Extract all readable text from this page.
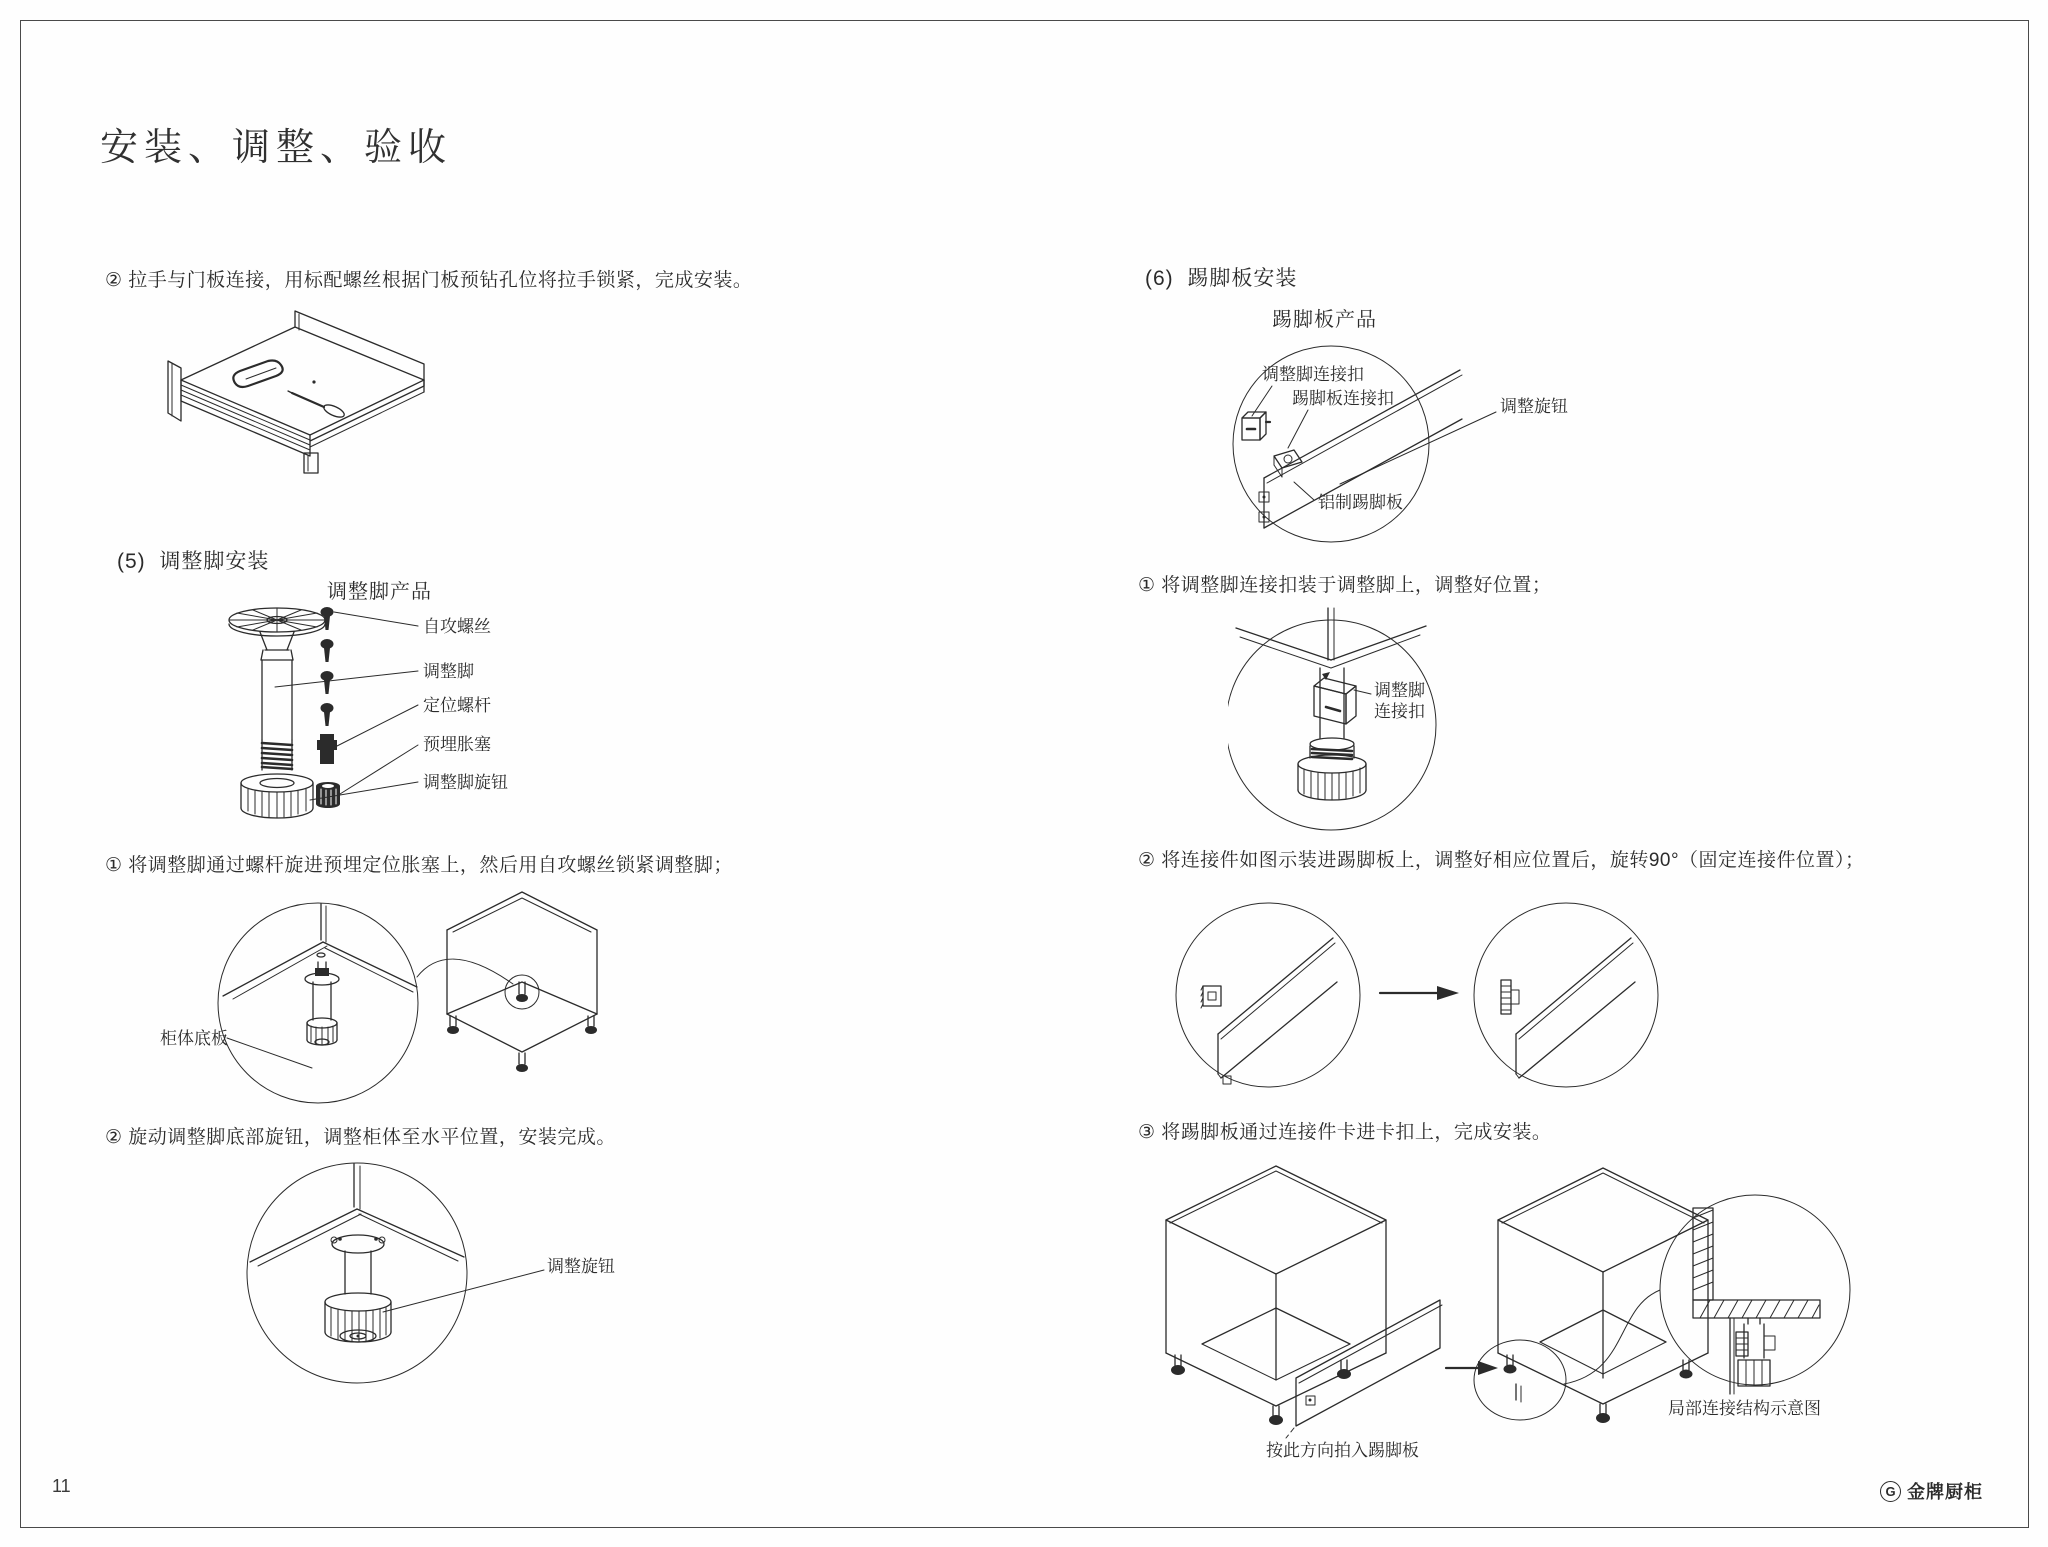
安装、调整、验收
② 拉手与门板连接，用标配螺丝根据门板预钻孔位将拉手锁紧，完成安装。
(5)  调整脚安装
调整脚产品
自攻螺丝
调整脚
定位螺杆
预埋胀塞
调整脚旋钮
① 将调整脚通过螺杆旋进预埋定位胀塞上，然后用自攻螺丝锁紧调整脚；
柜体底板
② 旋动调整脚底部旋钮，调整柜体至水平位置，安装完成。
调整旋钮
11
(6)  踢脚板安装
踢脚板产品
调整脚连接扣
踢脚板连接扣	调整旋钮
铝制踢脚板
① 将调整脚连接扣装于调整脚上，调整好位置；
调整脚
连接扣
② 将连接件如图示装进踢脚板上，调整好相应位置后，旋转90°（固定连接件位置）；
③ 将踢脚板通过连接件卡进卡扣上，完成安装。
按此方向拍入踢脚板
局部连接结构示意图
G 金牌厨柜
